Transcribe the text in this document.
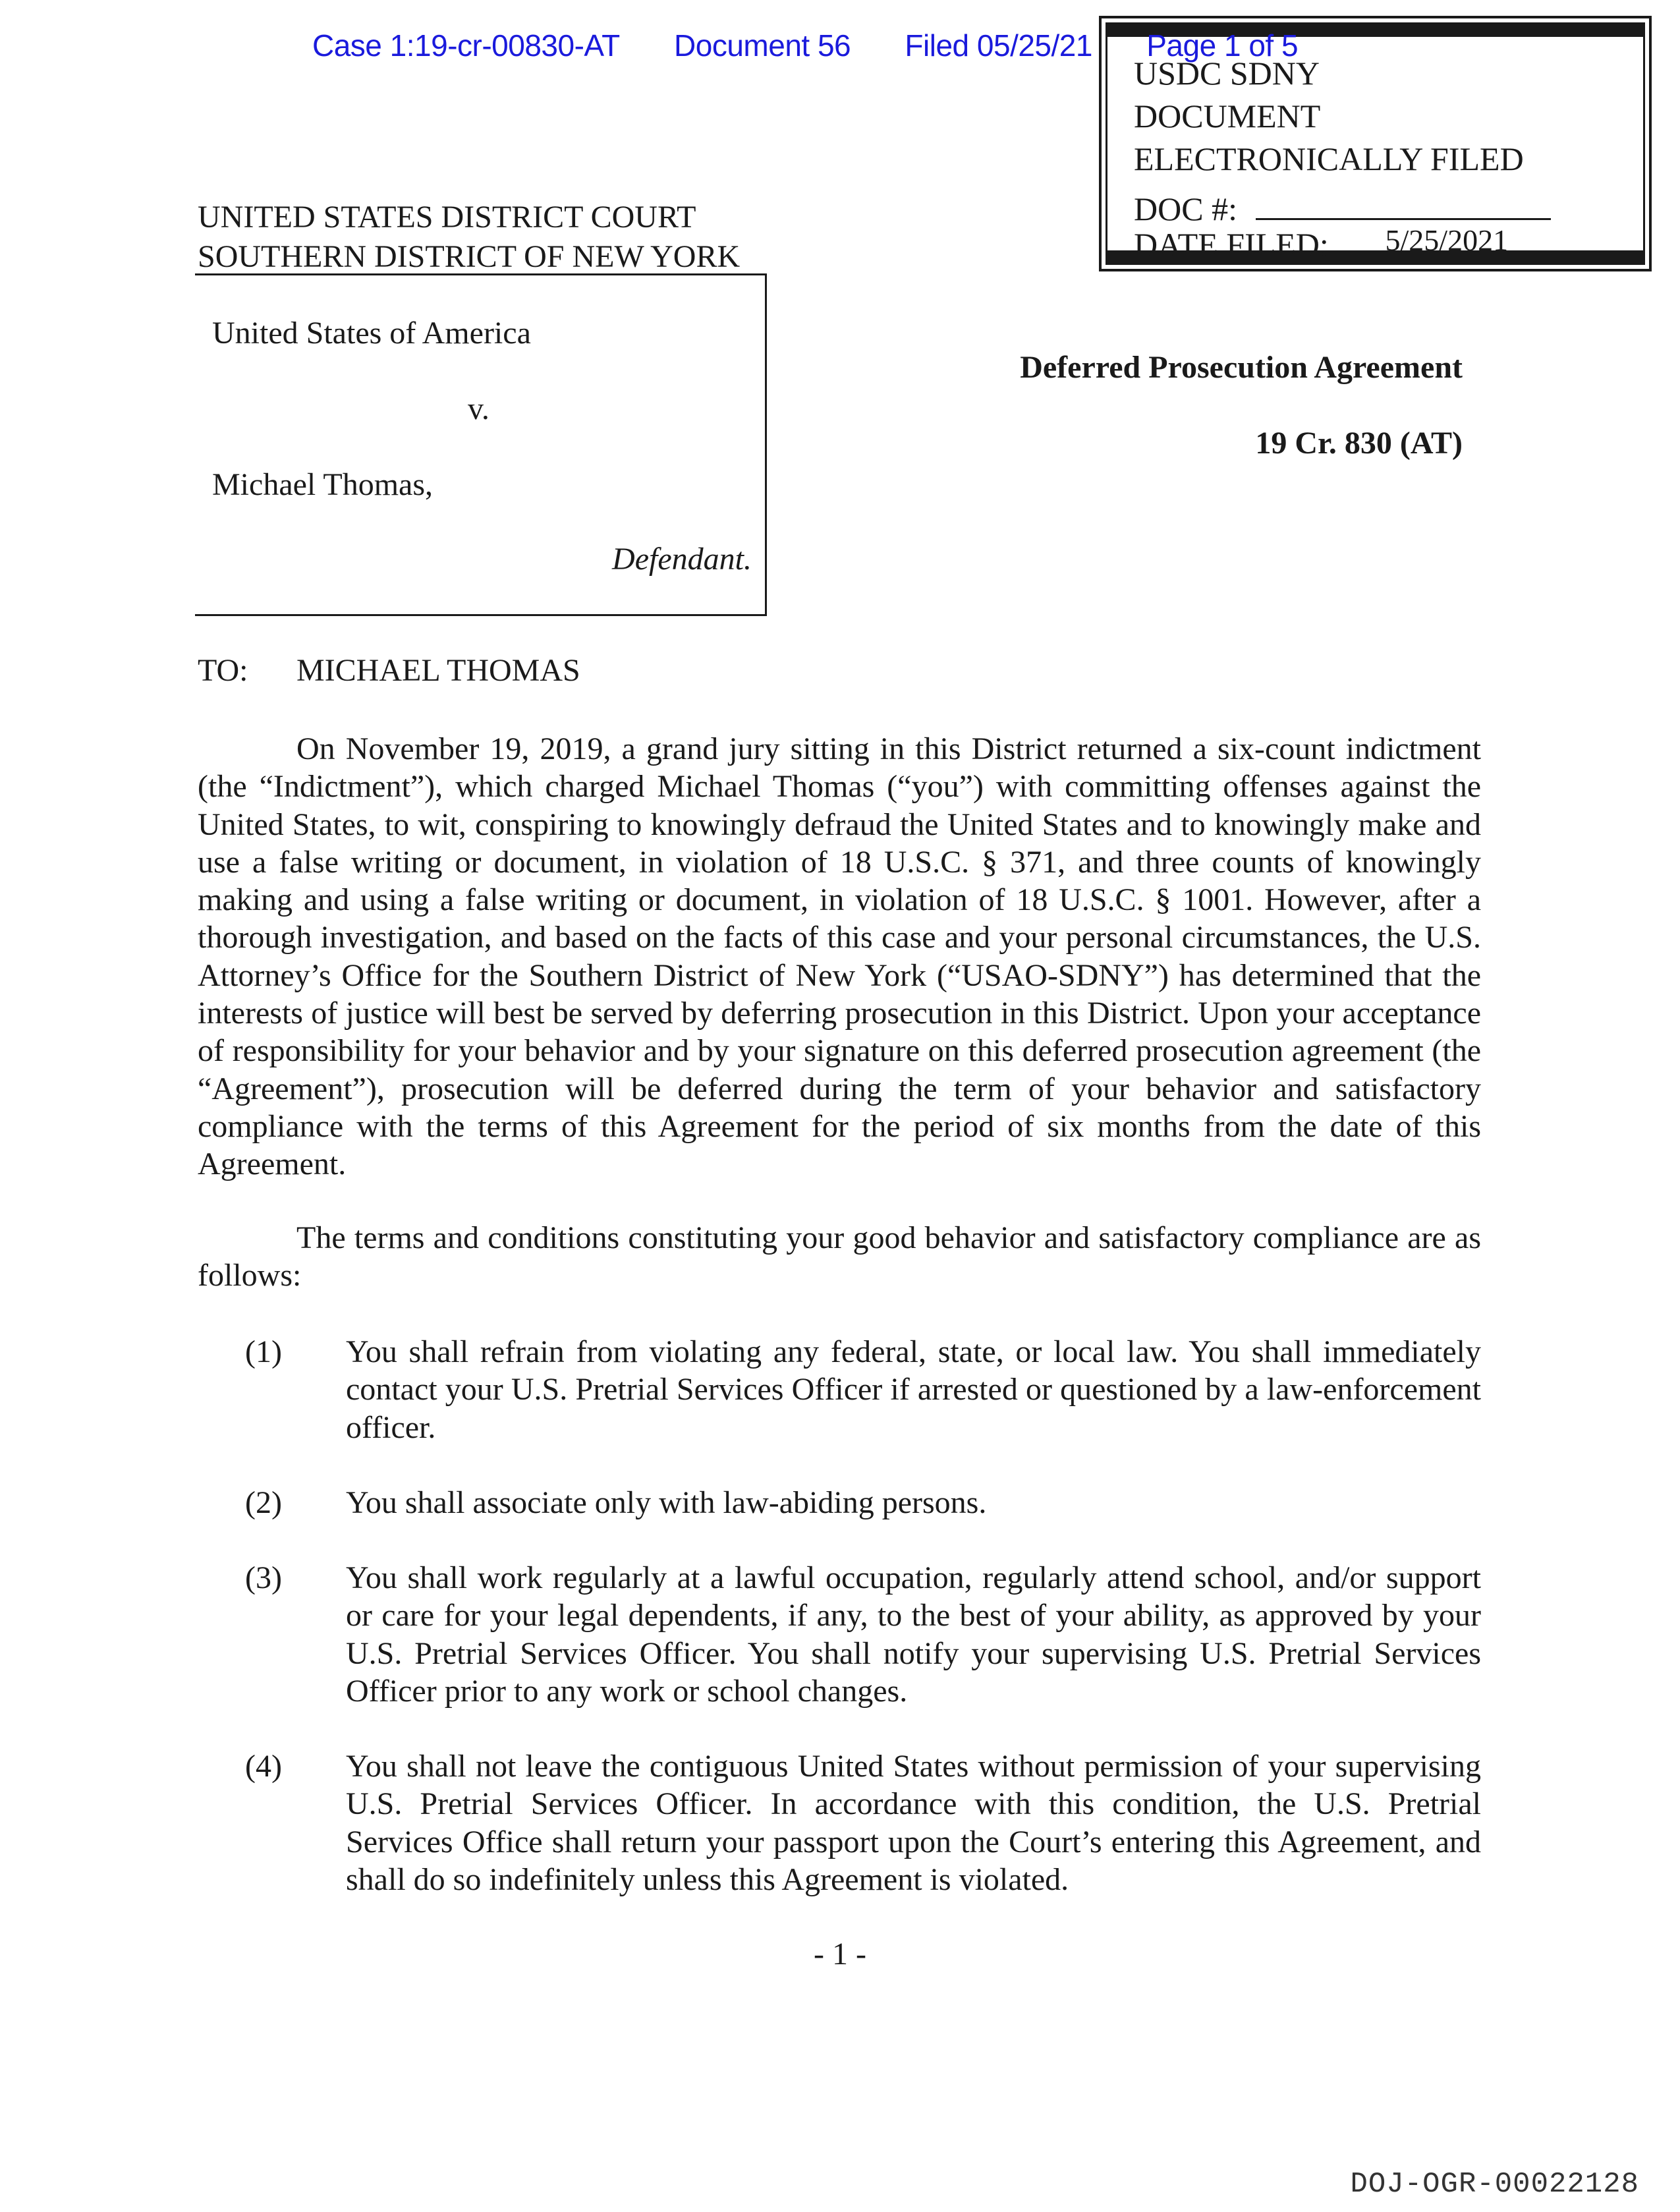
Case 1:19-cr-00830-AT Document 56 Filed 05/25/21 Page 1 of 5
USDC SDNY
DOCUMENT
ELECTRONICALLY FILED
DOC #:
DATE FILED: 5/25/2021
UNITED STATES DISTRICT COURT
SOUTHERN DISTRICT OF NEW YORK
United States of America
v.
Michael Thomas,
Defendant.
Deferred Prosecution Agreement
19 Cr. 830 (AT)
TO: MICHAEL THOMAS
On November 19, 2019, a grand jury sitting in this District returned a six-count indictment (the “Indictment”), which charged Michael Thomas (“you”) with committing offenses against the United States, to wit, conspiring to knowingly defraud the United States and to knowingly make and use a false writing or document, in violation of 18 U.S.C. § 371, and three counts of knowingly making and using a false writing or document, in violation of 18 U.S.C. § 1001. However, after a thorough investigation, and based on the facts of this case and your personal circumstances, the U.S. Attorney’s Office for the Southern District of New York (“USAO-SDNY”) has determined that the interests of justice will best be served by deferring prosecution in this District. Upon your acceptance of responsibility for your behavior and by your signature on this deferred prosecution agreement (the “Agreement”), prosecution will be deferred during the term of your behavior and satisfactory compliance with the terms of this Agreement for the period of six months from the date of this Agreement.
The terms and conditions constituting your good behavior and satisfactory compliance are as follows:
(1) You shall refrain from violating any federal, state, or local law. You shall immediately contact your U.S. Pretrial Services Officer if arrested or questioned by a law-enforcement officer.
(2) You shall associate only with law-abiding persons.
(3) You shall work regularly at a lawful occupation, regularly attend school, and/or support or care for your legal dependents, if any, to the best of your ability, as approved by your U.S. Pretrial Services Officer. You shall notify your supervising U.S. Pretrial Services Officer prior to any work or school changes.
(4) You shall not leave the contiguous United States without permission of your supervising U.S. Pretrial Services Officer. In accordance with this condition, the U.S. Pretrial Services Office shall return your passport upon the Court’s entering this Agreement, and shall do so indefinitely unless this Agreement is violated.
- 1 -
DOJ-OGR-00022128
